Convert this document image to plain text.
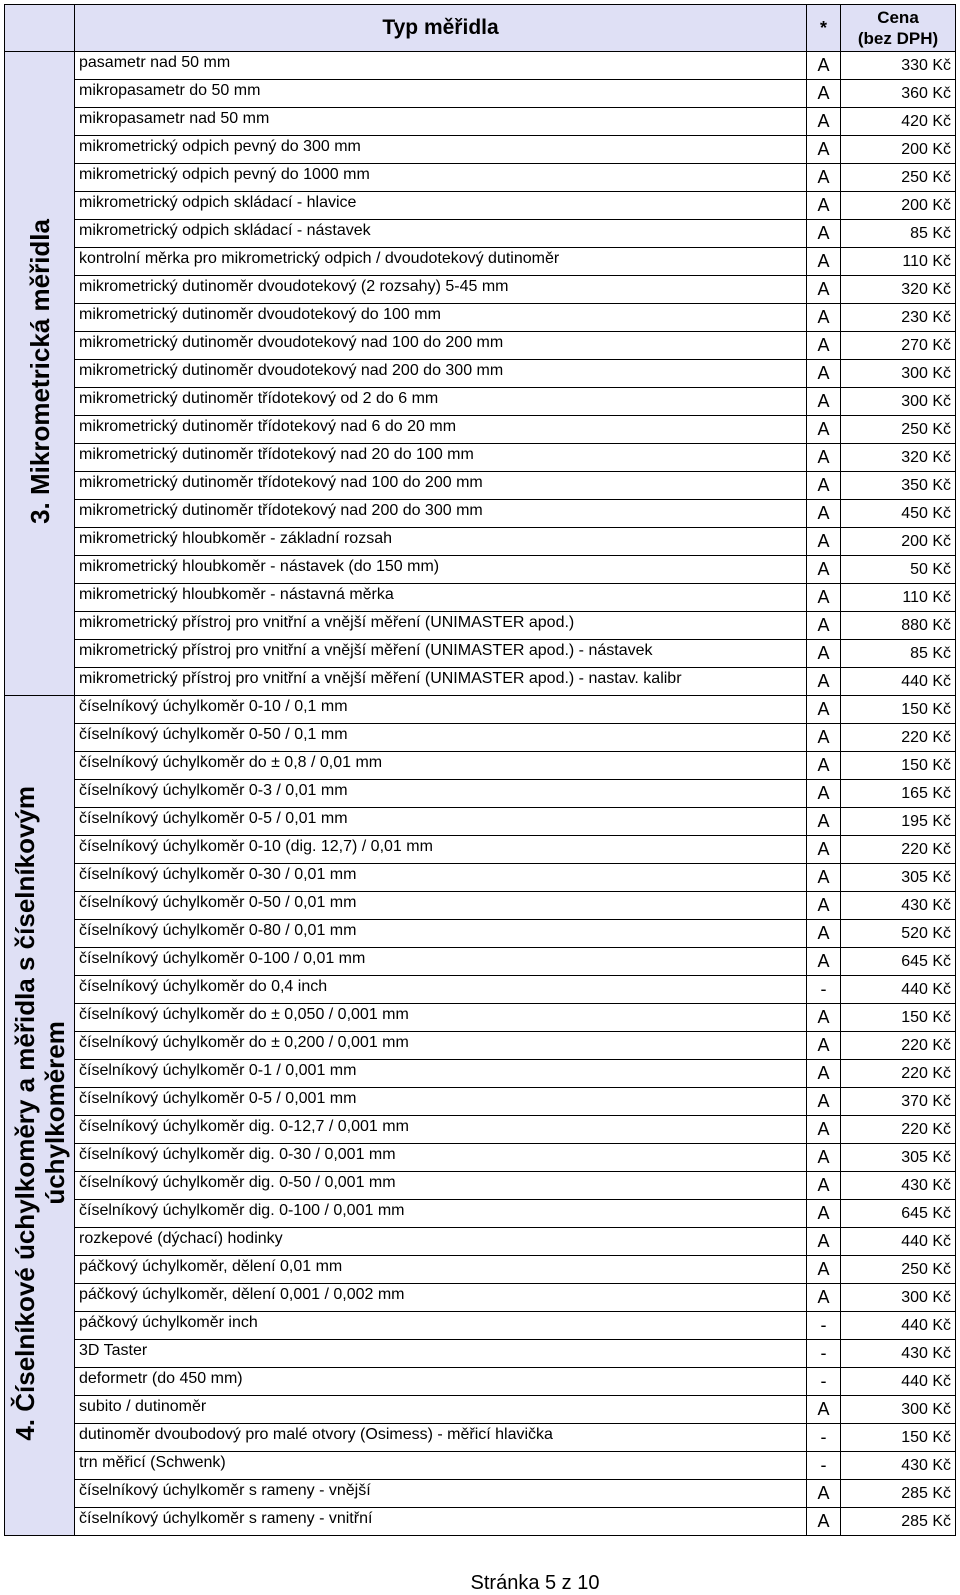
	Typ měřidla	*	Cena
(bez DPH)

3. Mikrometrická měřidla	pasametr nad 50 mm	A	330 Kč
	mikropasametr do 50 mm	A	360 Kč
	mikropasametr nad 50 mm	A	420 Kč
	mikrometrický odpich pevný do 300 mm	A	200 Kč
	mikrometrický odpich pevný do 1000 mm	A	250 Kč
	mikrometrický odpich skládací - hlavice	A	200 Kč
	mikrometrický odpich skládací - nástavek	A	85 Kč
	kontrolní měrka pro mikrometrický odpich / dvoudotekový dutinoměr	A	110 Kč
	mikrometrický dutinoměr dvoudotekový (2 rozsahy) 5-45 mm	A	320 Kč
	mikrometrický dutinoměr dvoudotekový do 100 mm	A	230 Kč
	mikrometrický dutinoměr dvoudotekový nad 100 do 200 mm	A	270 Kč
	mikrometrický dutinoměr dvoudotekový nad 200 do 300 mm	A	300 Kč
	mikrometrický dutinoměr třídotekový od 2 do 6 mm	A	300 Kč
	mikrometrický dutinoměr třídotekový nad 6 do 20 mm	A	250 Kč
	mikrometrický dutinoměr třídotekový nad 20 do 100 mm	A	320 Kč
	mikrometrický dutinoměr třídotekový nad 100 do 200 mm	A	350 Kč
	mikrometrický dutinoměr třídotekový nad 200 do 300 mm	A	450 Kč
	mikrometrický hloubkoměr - základní rozsah	A	200 Kč
	mikrometrický hloubkoměr - nástavek (do 150 mm)	A	50 Kč
	mikrometrický hloubkoměr - nástavná měrka	A	110 Kč
	mikrometrický přístroj pro vnitřní a vnější měření (UNIMASTER apod.)	A	880 Kč
	mikrometrický přístroj pro vnitřní a vnější měření (UNIMASTER apod.) - nástavek	A	85 Kč
	mikrometrický přístroj pro vnitřní a vnější měření (UNIMASTER apod.) - nastav. kalibr	A	440 Kč

4. Číselníkové úchylkoměry a měřidla s číselníkovým úchylkoměrem	číselníkový úchylkoměr 0-10 / 0,1 mm	A	150 Kč
	číselníkový úchylkoměr 0-50 / 0,1 mm	A	220 Kč
	číselníkový úchylkoměr do ± 0,8 / 0,01 mm	A	150 Kč
	číselníkový úchylkoměr 0-3 / 0,01 mm	A	165 Kč
	číselníkový úchylkoměr 0-5 / 0,01 mm	A	195 Kč
	číselníkový úchylkoměr 0-10 (dig. 12,7) / 0,01 mm	A	220 Kč
	číselníkový úchylkoměr 0-30 / 0,01 mm	A	305 Kč
	číselníkový úchylkoměr 0-50 / 0,01 mm	A	430 Kč
	číselníkový úchylkoměr 0-80 / 0,01 mm	A	520 Kč
	číselníkový úchylkoměr 0-100 / 0,01 mm	A	645 Kč
	číselníkový úchylkoměr do 0,4 inch	-	440 Kč
	číselníkový úchylkoměr do ± 0,050 / 0,001 mm	A	150 Kč
	číselníkový úchylkoměr do ± 0,200 / 0,001 mm	A	220 Kč
	číselníkový úchylkoměr 0-1 / 0,001 mm	A	220 Kč
	číselníkový úchylkoměr 0-5 / 0,001 mm	A	370 Kč
	číselníkový úchylkoměr dig. 0-12,7 / 0,001 mm	A	220 Kč
	číselníkový úchylkoměr dig. 0-30 / 0,001 mm	A	305 Kč
	číselníkový úchylkoměr dig. 0-50 / 0,001 mm	A	430 Kč
	číselníkový úchylkoměr dig. 0-100 / 0,001 mm	A	645 Kč
	rozkepové (dýchací) hodinky	A	440 Kč
	páčkový úchylkoměr, dělení 0,01 mm	A	250 Kč
	páčkový úchylkoměr, dělení 0,001 / 0,002 mm	A	300 Kč
	páčkový úchylkoměr inch	-	440 Kč
	3D Taster	-	430 Kč
	deformetr (do 450 mm)	-	440 Kč
	subito / dutinoměr	A	300 Kč
	dutinoměr dvoubodový pro malé otvory (Osimess) - měřicí hlavička	-	150 Kč
	trn měřicí (Schwenk)	-	430 Kč
	číselníkový úchylkoměr s rameny - vnější	A	285 Kč
	číselníkový úchylkoměr s rameny - vnitřní	A	285 Kč
Stránka 5 z 10
